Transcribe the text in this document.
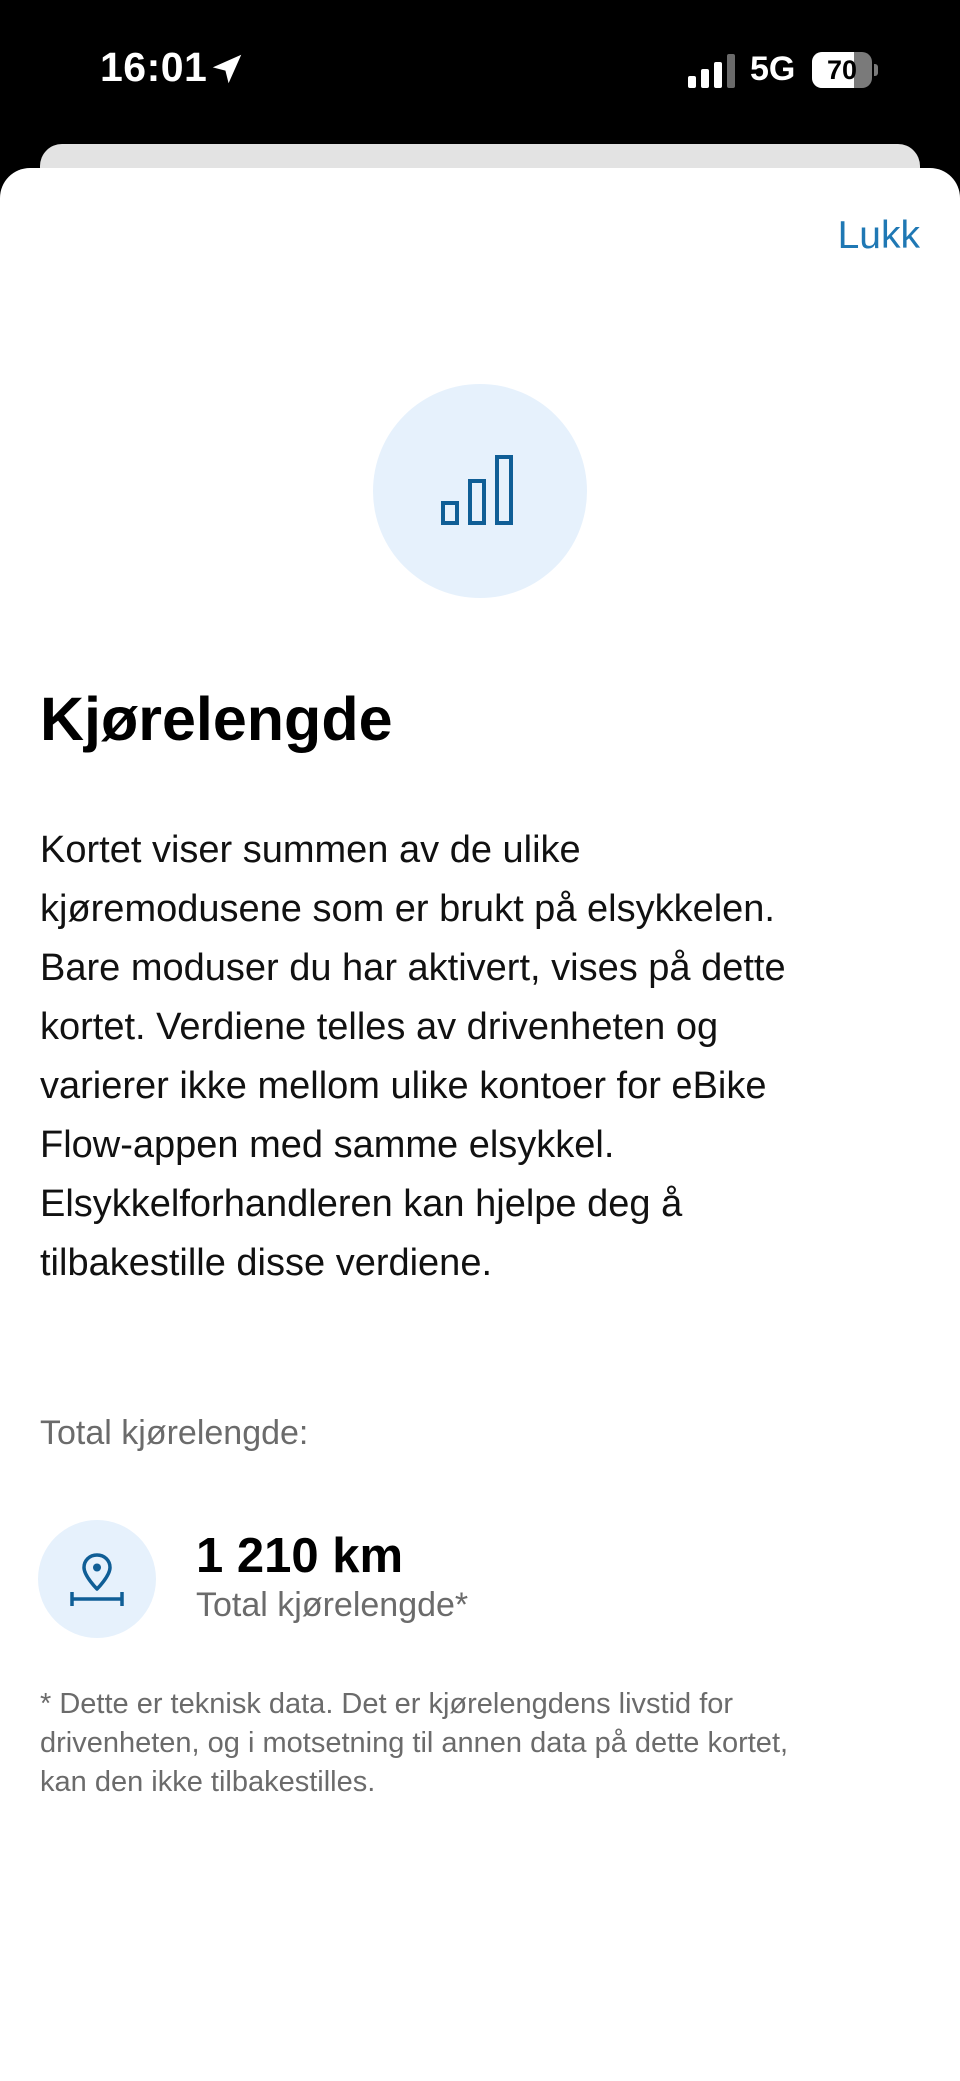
16:01	5G	70
Lukk
Kjørelengde

Kortet viser summen av de ulike
kjøremodusene som er brukt på elsykkelen.
Bare moduser du har aktivert, vises på dette
kortet. Verdiene telles av drivenheten og
varierer ikke mellom ulike kontoer for eBike
Flow-appen med samme elsykkel.
Elsykkelforhandleren kan hjelpe deg å
tilbakestille disse verdiene.

Total kjørelengde:
1 210 km
Total kjørelengde*

* Dette er teknisk data. Det er kjørelengdens livstid for
drivenheten, og i motsetning til annen data på dette kortet,
kan den ikke tilbakestilles.
